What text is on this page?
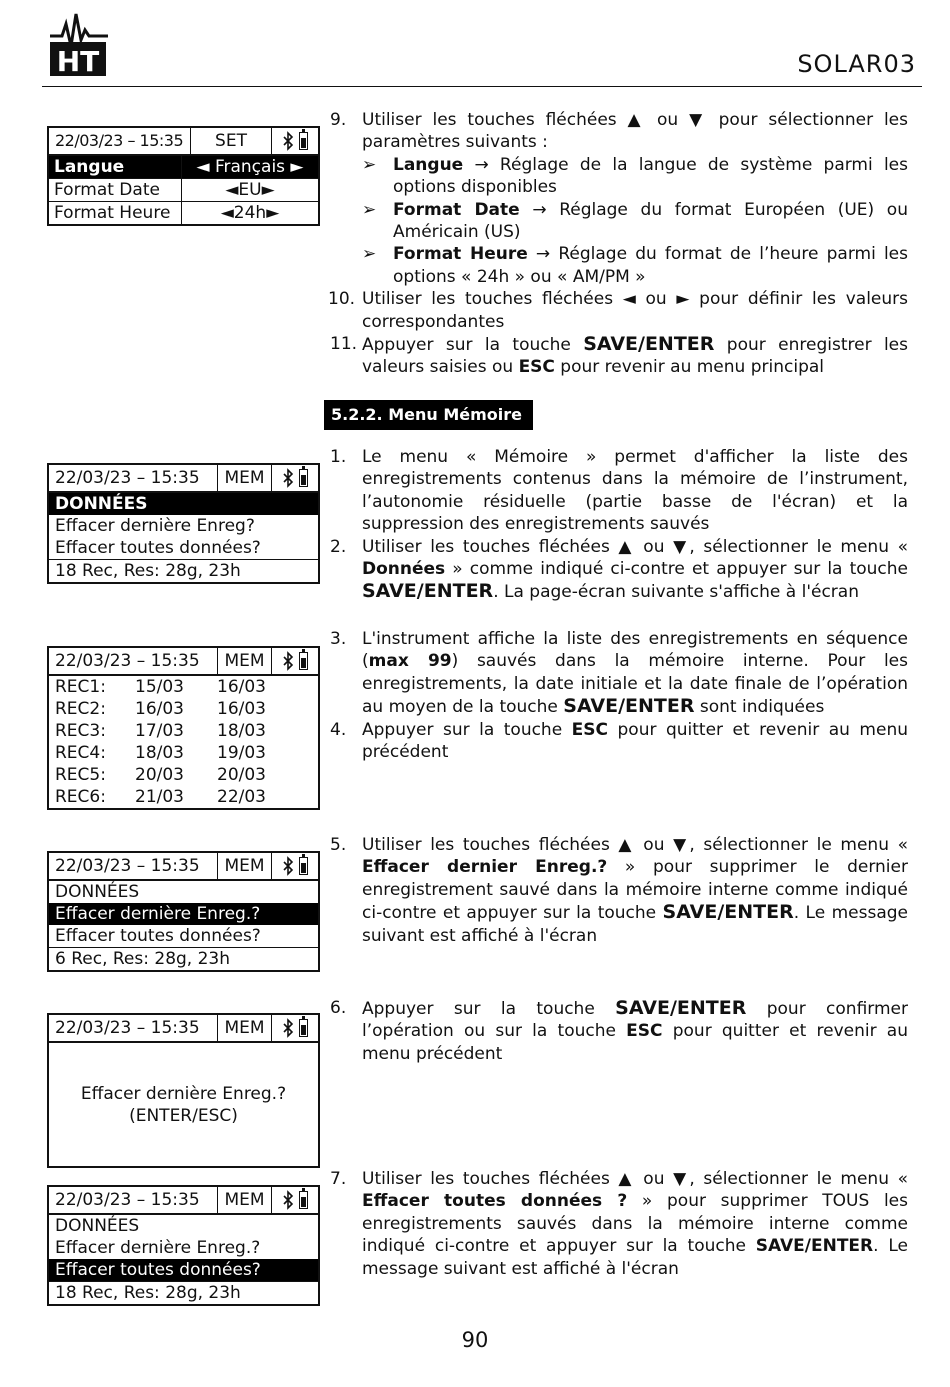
HT	SOLAR03
22/03/23 – 15:35	SET
Langue	◄ Français ►
Format Date	◄EU►
Format Heure	◄24h►
22/03/23 – 15:35	MEM
DONNÉES
Effacer dernière Enreg?
Effacer toutes données?
18 Rec, Res: 28g, 23h
22/03/23 – 15:35	MEM
REC1:	15/03	16/03
REC2:	16/03	16/03
REC3:	17/03	18/03
REC4:	18/03	19/03
REC5:	20/03	20/03
REC6:	21/03	22/03
22/03/23 – 15:35	MEM
DONNÉES
Effacer dernière Enreg.?
Effacer toutes données?
6 Rec, Res: 28g, 23h
22/03/23 – 15:35	MEM
Effacer dernière Enreg.?
(ENTER/ESC)
22/03/23 – 15:35	MEM
DONNÉES
Effacer dernière Enreg.?
Effacer toutes données?
18 Rec, Res: 28g, 23h
9. Utiliser les touches fléchées ▲ ou ▼ pour sélectionner les paramètres suivants :
➢ Langue → Réglage de la langue de système parmi les options disponibles
➢ Format Date → Réglage du format Européen (UE) ou Américain (US)
➢ Format Heure → Réglage du format de l’heure parmi les options « 24h » ou « AM/PM »
10. Utiliser les touches fléchées ◄ ou ► pour définir les valeurs correspondantes
11. Appuyer sur la touche SAVE/ENTER pour enregistrer les valeurs saisies ou ESC pour revenir au menu principal
5.2.2. Menu Mémoire
1. Le menu « Mémoire » permet d'afficher la liste des enregistrements contenus dans la mémoire de l’instrument, l’autonomie résiduelle (partie basse de l'écran) et la suppression des enregistrements sauvés
2. Utiliser les touches fléchées ▲ ou ▼, sélectionner le menu « Données » comme indiqué ci-contre et appuyer sur la touche SAVE/ENTER. La page-écran suivante s'affiche à l'écran
3. L'instrument affiche la liste des enregistrements en séquence (max 99) sauvés dans la mémoire interne. Pour les enregistrements, la date initiale et la date finale de l’opération au moyen de la touche SAVE/ENTER sont indiquées
4. Appuyer sur la touche ESC pour quitter et revenir au menu précédent
5. Utiliser les touches fléchées ▲ ou ▼, sélectionner le menu « Effacer dernier Enreg.? » pour supprimer le dernier enregistrement sauvé dans la mémoire interne comme indiqué ci-contre et appuyer sur la touche SAVE/ENTER. Le message suivant est affiché à l'écran
6. Appuyer sur la touche SAVE/ENTER pour confirmer l’opération ou sur la touche ESC pour quitter et revenir au menu précédent
7. Utiliser les touches fléchées ▲ ou ▼, sélectionner le menu « Effacer toutes données ? » pour supprimer TOUS les enregistrements sauvés dans la mémoire interne comme indiqué ci-contre et appuyer sur la touche SAVE/ENTER. Le message suivant est affiché à l'écran
90
